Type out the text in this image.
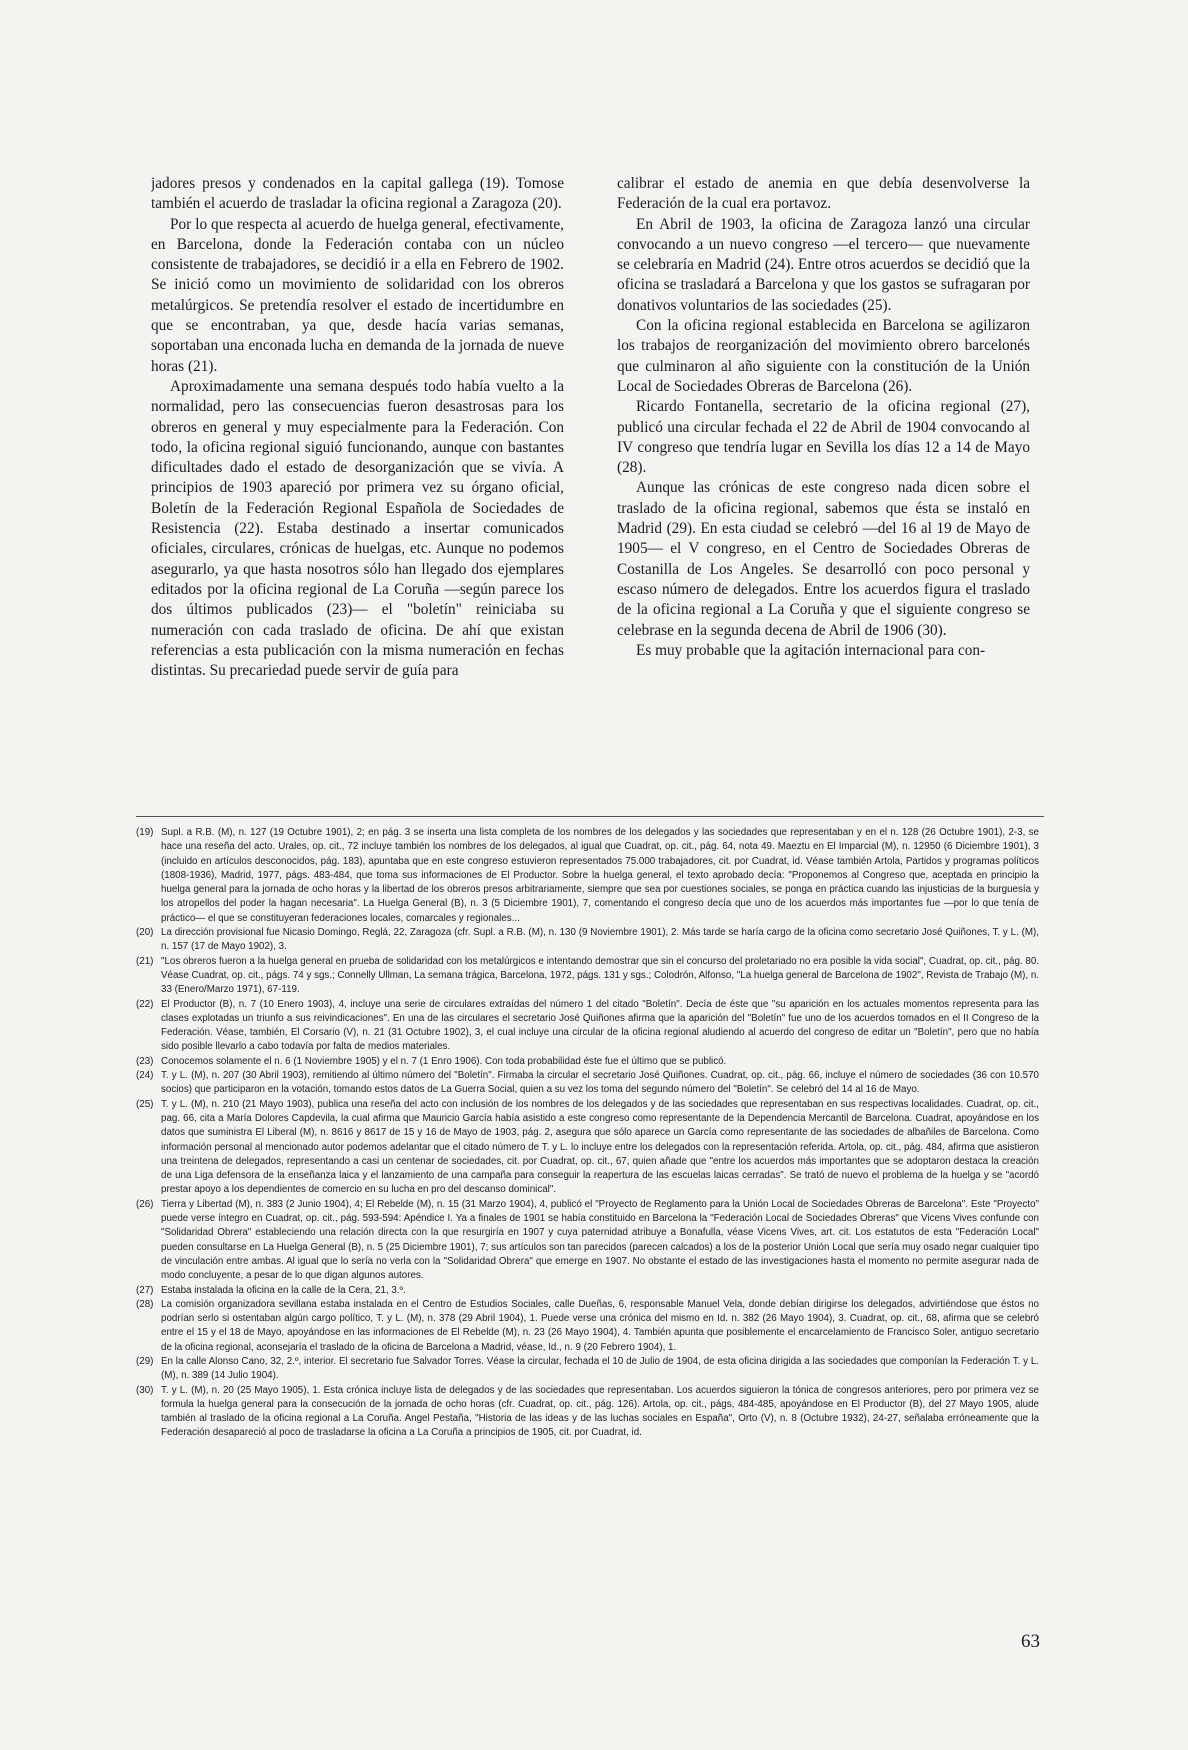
jadores presos y condenados en la capital gallega (19). Tomose también el acuerdo de trasladar la oficina regional a Zaragoza (20).

Por lo que respecta al acuerdo de huelga general, efectivamente, en Barcelona, donde la Federación contaba con un núcleo consistente de trabajadores, se decidió ir a ella en Febrero de 1902. Se inició como un movimiento de solidaridad con los obreros metalúrgicos. Se pretendía resolver el estado de incertidumbre en que se encontraban, ya que, desde hacía varias semanas, soportaban una enconada lucha en demanda de la jornada de nueve horas (21).

Aproximadamente una semana después todo había vuelto a la normalidad, pero las consecuencias fueron desastrosas para los obreros en general y muy especialmente para la Federación. Con todo, la oficina regional siguió funcionando, aunque con bastantes dificultades dado el estado de desorganización que se vivía. A principios de 1903 apareció por primera vez su órgano oficial, Boletín de la Federación Regional Española de Sociedades de Resistencia (22). Estaba destinado a insertar comunicados oficiales, circulares, crónicas de huelgas, etc. Aunque no podemos asegurarlo, ya que hasta nosotros sólo han llegado dos ejemplares editados por la oficina regional de La Coruña —según parece los dos últimos publicados (23)— el "boletín" reiniciaba su numeración con cada traslado de oficina. De ahí que existan referencias a esta publicación con la misma numeración en fechas distintas. Su precariedad puede servir de guía para

calibrar el estado de anemia en que debía desenvolverse la Federación de la cual era portavoz.

En Abril de 1903, la oficina de Zaragoza lanzó una circular convocando a un nuevo congreso —el tercero— que nuevamente se celebraría en Madrid (24). Entre otros acuerdos se decidió que la oficina se trasladará a Barcelona y que los gastos se sufragaran por donativos voluntarios de las sociedades (25).

Con la oficina regional establecida en Barcelona se agilizaron los trabajos de reorganización del movimiento obrero barcelonés que culminaron al año siguiente con la constitución de la Unión Local de Sociedades Obreras de Barcelona (26).

Ricardo Fontanella, secretario de la oficina regional (27), publicó una circular fechada el 22 de Abril de 1904 convocando al IV congreso que tendría lugar en Sevilla los días 12 a 14 de Mayo (28).

Aunque las crónicas de este congreso nada dicen sobre el traslado de la oficina regional, sabemos que ésta se instaló en Madrid (29). En esta ciudad se celebró —del 16 al 19 de Mayo de 1905— el V congreso, en el Centro de Sociedades Obreras de Costanilla de Los Angeles. Se desarrolló con poco personal y escaso número de delegados. Entre los acuerdos figura el traslado de la oficina regional a La Coruña y que el siguiente congreso se celebrase en la segunda decena de Abril de 1906 (30).

Es muy probable que la agitación internacional para con-

(19) Supl. a R.B. (M), n. 127 (19 Octubre 1901), 2; en pág. 3 se inserta una lista completa de los nombres de los delegados y las sociedades que representaban y en el n. 128 (26 Octubre 1901), 2-3, se hace una reseña del acto. Urales, op. cit., 72 incluye también los nombres de los delegados, al igual que Cuadrat, op. cit., pág. 64, nota 49. Maeztu en El Imparcial (M), n. 12950 (6 Diciembre 1901), 3 (incluido en artículos desconocidos, pág. 183), apuntaba que en este congreso estuvieron representados 75.000 trabajadores, cit. por Cuadrat, id. Véase también Artola, Partidos y programas políticos (1808-1936), Madrid, 1977, págs. 483-484, que toma sus informaciones de El Productor. Sobre la huelga general, el texto aprobado decía: "Proponemos al Congreso que, aceptada en principio la huelga general para la jornada de ocho horas y la libertad de los obreros presos arbitrariamente, siempre que sea por cuestiones sociales, se ponga en práctica cuando las injusticias de la burguesía y los atropellos del poder la hagan necesaria". La Huelga General (B), n. 3 (5 Diciembre 1901), 7, comentando el congreso decía que uno de los acuerdos más importantes fue —por lo que tenía de práctico— el que se constituyeran federaciones locales, comarcales y regionales...
(20) La dirección provisional fue Nicasio Domingo, Reglá, 22, Zaragoza (cfr. Supl. a R.B. (M), n. 130 (9 Noviembre 1901), 2. Más tarde se haría cargo de la oficina como secretario José Quiñones, T. y L. (M), n. 157 (17 de Mayo 1902), 3.
(21) "Los obreros fueron a la huelga general en prueba de solidaridad con los metalúrgicos e intentando demostrar que sin el concurso del proletariado no era posible la vida social", Cuadrat, op. cit., pág. 80. Véase Cuadrat, op. cit., págs. 74 y sgs.; Connelly Ullman, La semana trágica, Barcelona, 1972, págs. 131 y sgs.; Colodrón, Alfonso, "La huelga general de Barcelona de 1902", Revista de Trabajo (M), n. 33 (Enero/Marzo 1971), 67-119.
(22) El Productor (B), n. 7 (10 Enero 1903), 4, incluye una serie de circulares extraídas del número 1 del citado "Boletín". Decía de éste que "su aparición en los actuales momentos representa para las clases explotadas un triunfo a sus reivindicaciones". En una de las circulares el secretario José Quiñones afirma que la aparición del "Boletín" fue uno de los acuerdos tomados en el II Congreso de la Federación. Véase, también, El Corsario (V), n. 21 (31 Octubre 1902), 3, el cual incluye una circular de la oficina regional aludiendo al acuerdo del congreso de editar un "Boletín", pero que no había sido posible llevarlo a cabo todavía por falta de medios materiales.
(23) Conocemos solamente el n. 6 (1 Noviembre 1905) y el n. 7 (1 Enro 1906). Con toda probabilidad éste fue el último que se publicó.
(24) T. y L. (M), n. 207 (30 Abril 1903), remitiendo al último número del "Boletín". Firmaba la circular el secretario José Quiñones. Cuadrat, op. cit., pág. 66, incluye el número de sociedades (36 con 10.570 socios) que participaron en la votación, tomando estos datos de La Guerra Social, quien a su vez los toma del segundo número del "Boletín". Se celebró del 14 al 16 de Mayo.
(25) T. y L. (M), n. 210 (21 Mayo 1903), publica una reseña del acto con inclusión de los nombres de los delegados y de las sociedades que representaban en sus respectivas localidades. Cuadrat, op. cit., pag. 66, cita a María Dolores Capdevila, la cual afirma que Mauricio García había asistido a este congreso como representante de la Dependencia Mercantil de Barcelona. Cuadrat, apoyándose en los datos que suministra El Liberal (M), n. 8616 y 8617 de 15 y 16 de Mayo de 1903, pág. 2, asegura que sólo aparece un García como representante de las sociedades de albañiles de Barcelona. Como información personal al mencionado autor podemos adelantar que el citado número de T. y L. lo incluye entre los delegados con la representación referida. Artola, op. cit., pág. 484, afirma que asistieron una treintena de delegados, representando a casi un centenar de sociedades, cit. por Cuadrat, op. cit., 67, quien añade que "entre los acuerdos más importantes que se adoptaron destaca la creación de una Liga defensora de la enseñanza laica y el lanzamiento de una campaña para conseguir la reapertura de las escuelas laicas cerradas". Se trató de nuevo el problema de la huelga y se "acordó prestar apoyo a los dependientes de comercio en su lucha en pro del descanso dominical".
(26) Tierra y Libertad (M), n. 383 (2 Junio 1904), 4; El Rebelde (M), n. 15 (31 Marzo 1904), 4, publicó el "Proyecto de Reglamento para la Unión Local de Sociedades Obreras de Barcelona". Este "Proyecto" puede verse íntegro en Cuadrat, op. cit., pág. 593-594: Apéndice I. Ya a finales de 1901 se había constituido en Barcelona la "Federación Local de Sociedades Obreras" que Vicens Vives confunde con "Solidaridad Obrera" estableciendo una relación directa con la que resurgiría en 1907 y cuya paternidad atribuye a Bonafulla, véase Vicens Vives, art. cit. Los estatutos de esta "Federación Local" pueden consultarse en La Huelga General (B), n. 5 (25 Diciembre 1901), 7; sus artículos son tan parecidos (parecen calcados) a los de la posterior Unión Local que sería muy osado negar cualquier tipo de vinculación entre ambas. Al igual que lo sería no verla con la "Solidaridad Obrera" que emerge en 1907. No obstante el estado de las investigaciones hasta el momento no permite asegurar nada de modo concluyente, a pesar de lo que digan algunos autores.
(27) Estaba instalada la oficina en la calle de la Cera, 21, 3.º.
(28) La comisión organizadora sevillana estaba instalada en el Centro de Estudios Sociales, calle Dueñas, 6, responsable Manuel Vela, donde debían dirigirse los delegados, advirtiéndose que éstos no podrían serlo si ostentaban algún cargo político, T. y L. (M), n. 378 (29 Abril 1904), 1. Puede verse una crónica del mismo en Id. n. 382 (26 Mayo 1904), 3. Cuadrat, op. cit., 68, afirma que se celebró entre el 15 y el 18 de Mayo, apoyándose en las informaciones de El Rebelde (M), n. 23 (26 Mayo 1904), 4. También apunta que posiblemente el encarcelamiento de Francisco Soler, antiguo secretario de la oficina regional, aconsejaría el traslado de la oficina de Barcelona a Madrid, véase, Id., n. 9 (20 Febrero 1904), 1.
(29) En la calle Alonso Cano, 32, 2.º, interior. El secretario fue Salvador Torres. Véase la circular, fechada el 10 de Julio de 1904, de esta oficina dirigida a las sociedades que componían la Federación T. y L. (M), n. 389 (14 Julio 1904).
(30) T. y L. (M), n. 20 (25 Mayo 1905), 1. Esta crónica incluye lista de delegados y de las sociedades que representaban. Los acuerdos siguieron la tónica de congresos anteriores, pero por primera vez se formula la huelga general para la consecución de la jornada de ocho horas (cfr. Cuadrat, op. cit., pág. 126). Artola, op. cit., págs, 484-485, apoyándose en El Productor (B), del 27 Mayo 1905, alude también al traslado de la oficina regional a La Coruña. Angel Pestaña, "Historia de las ideas y de las luchas sociales en España", Orto (V), n. 8 (Octubre 1932), 24-27, señalaba erróneamente que la Federación desapareció al poco de trasladarse la oficina a La Coruña a principios de 1905, cit. por Cuadrat, id.
63
